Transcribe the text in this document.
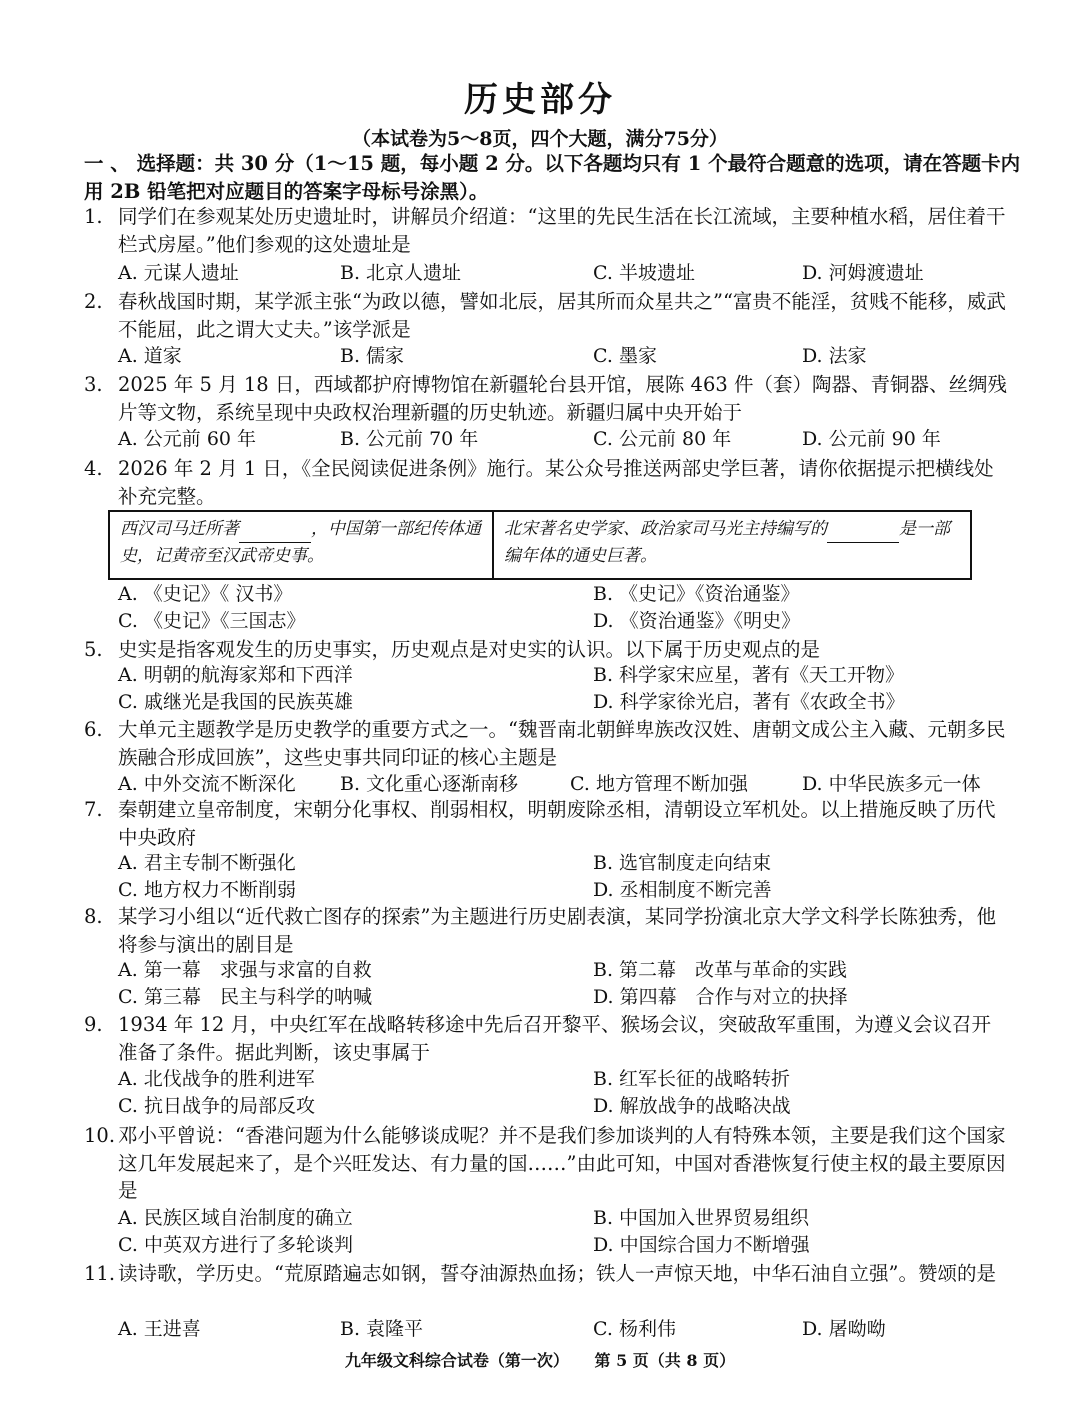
历史部分
（本试卷为5～8页，四个大题，满分75分）
一 、 选择题：共 30 分（1～15 题，每小题 2 分。以下各题均只有 1 个最符合题意的选项，请在答题卡内用 2B 铅笔把对应题目的答案字母标号涂黑）。
1. 同学们在参观某处历史遗址时，讲解员介绍道：“这里的先民生活在长江流域，主要种植水稻，居住着干栏式房屋。”他们参观的这处遗址是
A. 元谋人遗址	B. 北京人遗址	C. 半坡遗址	D. 河姆渡遗址
2. 春秋战国时期，某学派主张“为政以德，譬如北辰，居其所而众星共之”“富贵不能淫，贫贱不能移，威武不能屈，此之谓大丈夫。”该学派是
A. 道家	B. 儒家	C. 墨家	D. 法家
3. 2025 年 5 月 18 日，西域都护府博物馆在新疆轮台县开馆，展陈 463 件（套）陶器、青铜器、丝绸残片等文物，系统呈现中央政权治理新疆的历史轨迹。新疆归属中央开始于
A. 公元前 60 年	B. 公元前 70 年	C. 公元前 80 年	D. 公元前 90 年
4. 2026 年 2 月 1 日，《全民阅读促进条例》施行。某公众号推送两部史学巨著，请你依据提示把横线处补充完整。
西汉司马迁所著	，中国第一部纪传体通史，记黄帝至汉武帝史事。
北宋著名史学家、政治家司马光主持编写的	是一部编年体的通史巨著。
A. 《史记》《 汉书》	B. 《史记》《资治通鉴》
C. 《史记》《三国志》	D. 《资治通鉴》《明史》
5. 史实是指客观发生的历史事实，历史观点是对史实的认识。以下属于历史观点的是
A. 明朝的航海家郑和下西洋	B. 科学家宋应星，著有《天工开物》
C. 戚继光是我国的民族英雄	D. 科学家徐光启，著有《农政全书》
6. 大单元主题教学是历史教学的重要方式之一。“魏晋南北朝鲜卑族改汉姓、唐朝文成公主入藏、元朝多民族融合形成回族”，这些史事共同印证的核心主题是
A. 中外交流不断深化 B. 文化重心逐渐南移	C. 地方管理不断加强	D. 中华民族多元一体
7. 秦朝建立皇帝制度，宋朝分化事权、削弱相权，明朝废除丞相，清朝设立军机处。以上措施反映了历代中央政府
A. 君主专制不断强化	B. 选官制度走向结束
C. 地方权力不断削弱	D. 丞相制度不断完善
8. 某学习小组以“近代救亡图存的探索”为主题进行历史剧表演，某同学扮演北京大学文科学长陈独秀，他将参与演出的剧目是
A. 第一幕　求强与求富的自救	B. 第二幕　改革与革命的实践
C. 第三幕　民主与科学的呐喊	D. 第四幕　合作与对立的抉择
9. 1934 年 12 月，中央红军在战略转移途中先后召开黎平、猴场会议，突破敌军重围，为遵义会议召开准备了条件。据此判断，该史事属于
A. 北伐战争的胜利进军	B. 红军长征的战略转折
C. 抗日战争的局部反攻	D. 解放战争的战略决战
10. 邓小平曾说：“香港问题为什么能够谈成呢？并不是我们参加谈判的人有特殊本领，主要是我们这个国家这几年发展起来了，是个兴旺发达、有力量的国……”由此可知，中国对香港恢复行使主权的最主要原因是
A. 民族区域自治制度的确立	B. 中国加入世界贸易组织
C. 中英双方进行了多轮谈判	D. 中国综合国力不断增强
11. 读诗歌，学历史。“荒原踏遍志如钢，誓夺油源热血扬；铁人一声惊天地，中华石油自立强”。赞颂的是
A. 王进喜	B. 袁隆平	C. 杨利伟	D. 屠呦呦
九年级文科综合试卷（第一次） 第 5 页（共 8 页）
